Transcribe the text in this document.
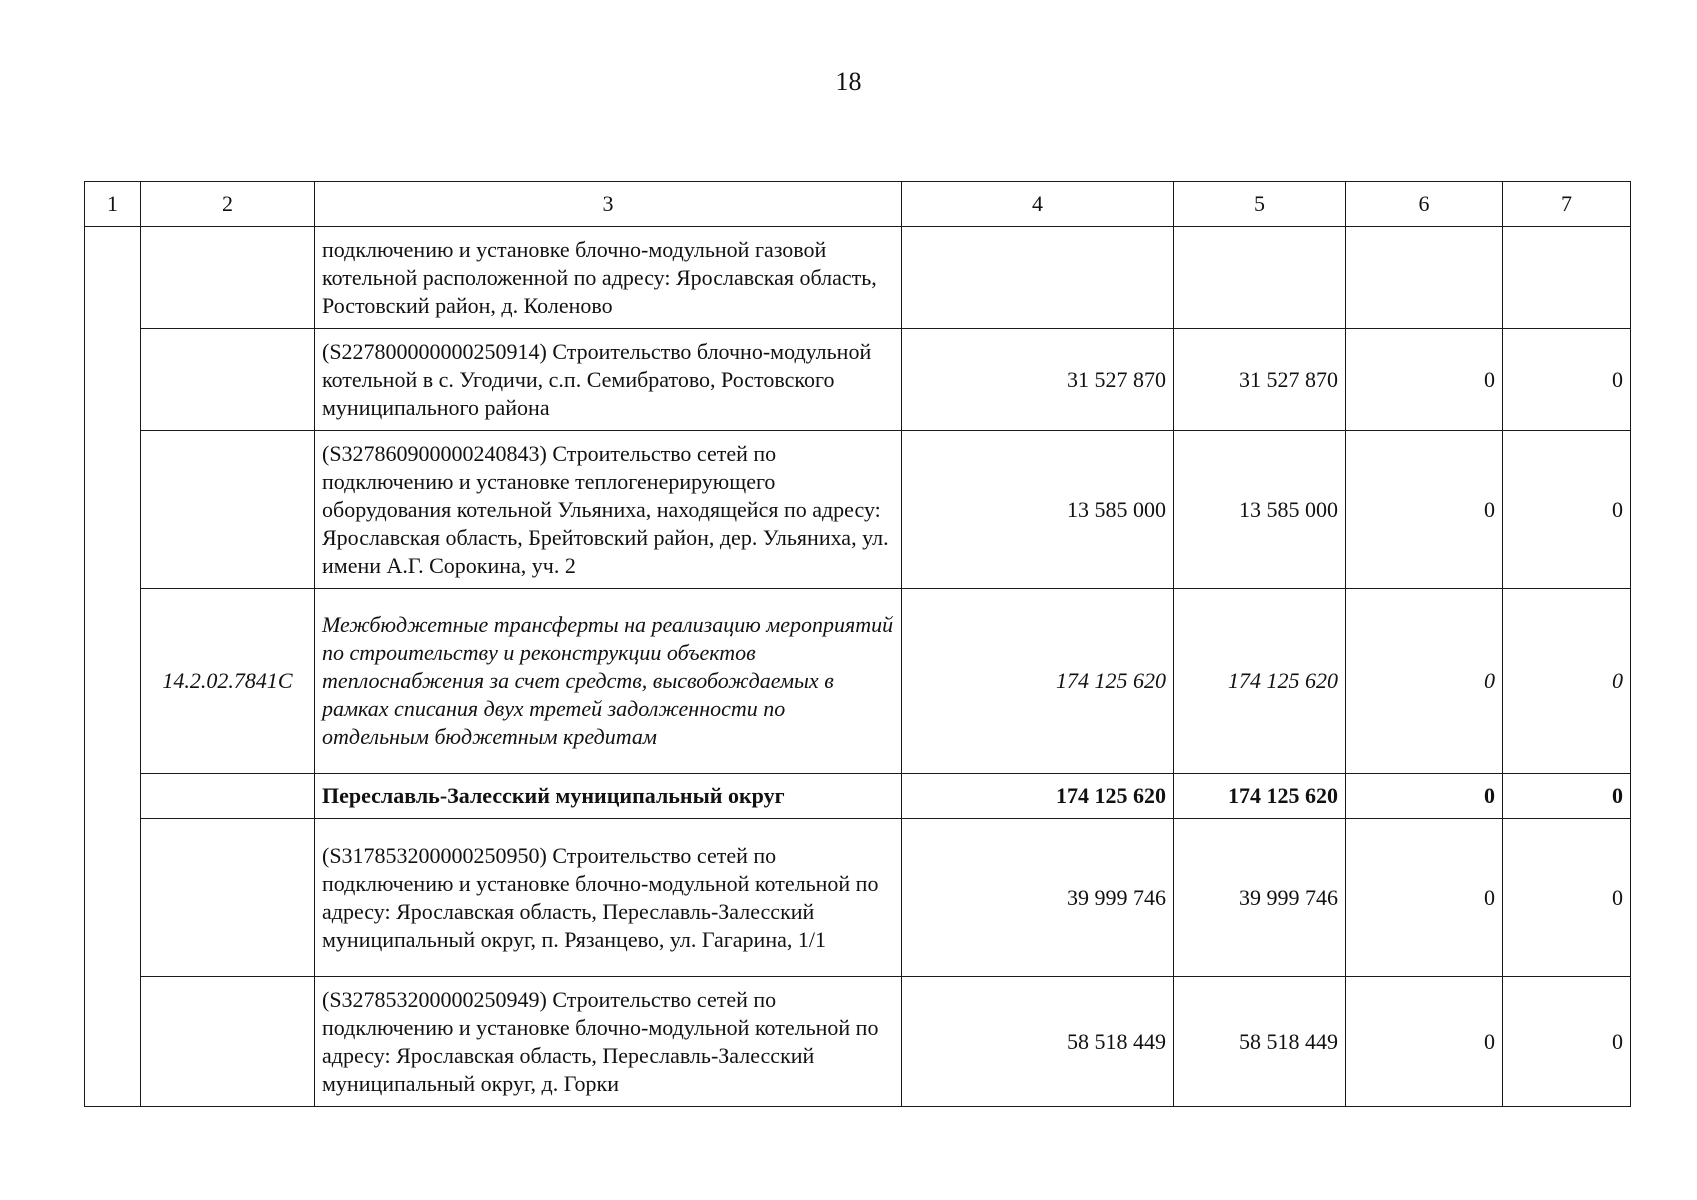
18
1	2	3	4	5	6	7
		подключению и установке блочно-модульной газовой котельной расположенной по адресу: Ярославская область, Ростовский район, д. Коленово				
		(S227800000000250914) Строительство блочно-модульной котельной в с. Угодичи, с.п. Семибратово, Ростовского муниципального района	31 527 870	31 527 870	0	0
		(S327860900000240843) Строительство сетей по подключению и установке теплогенерирующего оборудования котельной Ульяниха, находящейся по адресу: Ярославская область, Брейтовский район, дер. Ульяниха, ул. имени А.Г. Сорокина, уч. 2	13 585 000	13 585 000	0	0
	14.2.02.7841C	Межбюджетные трансферты на реализацию мероприятий по строительству и реконструкции объектов теплоснабжения за счет средств, высвобождаемых в рамках списания двух третей задолженности по отдельным бюджетным кредитам	174 125 620	174 125 620	0	0
		Переславль-Залесский муниципальный округ	174 125 620	174 125 620	0	0
		(S317853200000250950) Строительство сетей по подключению и установке блочно-модульной котельной по адресу: Ярославская область, Переславль-Залесский муниципальный округ, п. Рязанцево, ул. Гагарина, 1/1	39 999 746	39 999 746	0	0
		(S327853200000250949) Строительство сетей по подключению и установке блочно-модульной котельной по адресу: Ярославская область, Переславль-Залесский муниципальный округ, д. Горки	58 518 449	58 518 449	0	0
